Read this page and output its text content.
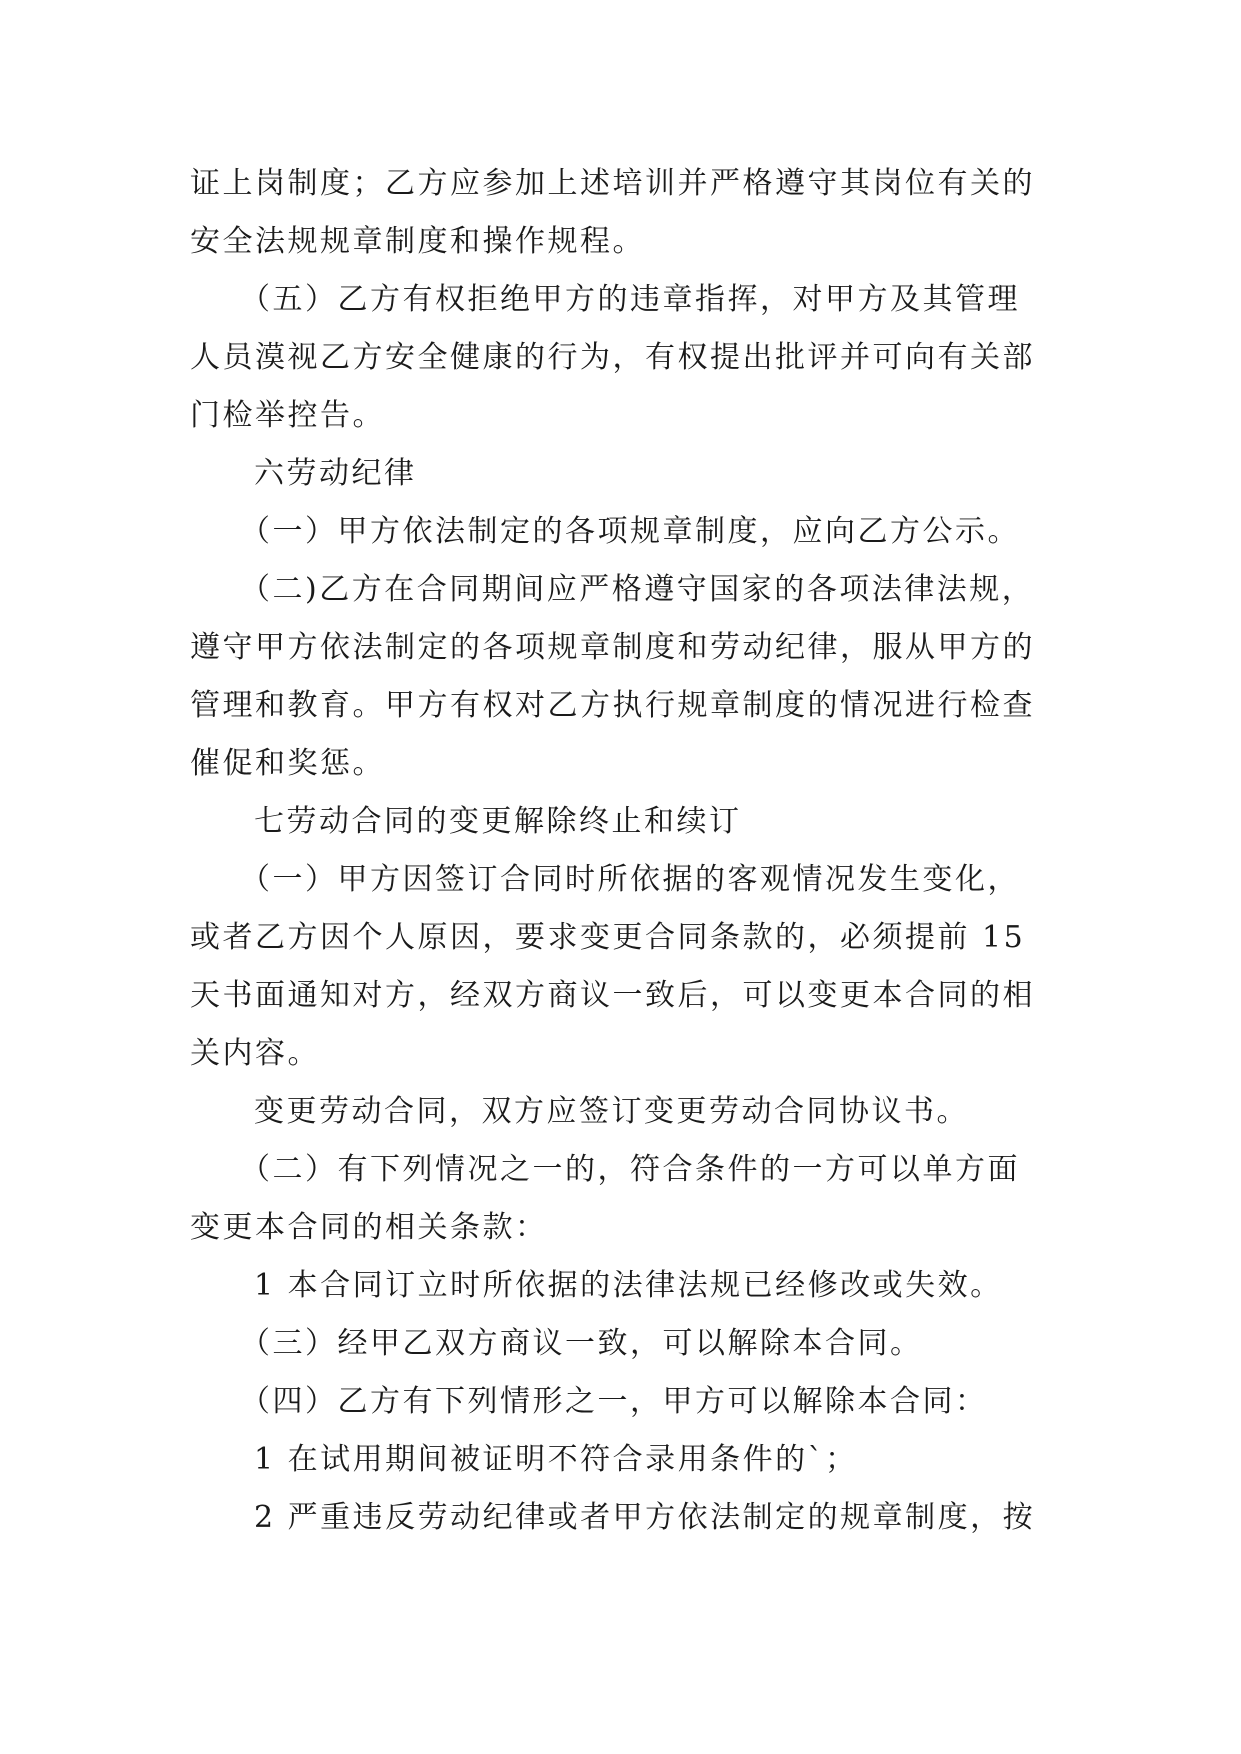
证上岗制度；乙方应参加上述培训并严格遵守其岗位有关的
安全法规规章制度和操作规程。
（五）乙方有权拒绝甲方的违章指挥，对甲方及其管理
人员漠视乙方安全健康的行为，有权提出批评并可向有关部
门检举控告。
六劳动纪律
（一）甲方依法制定的各项规章制度，应向乙方公示。
（二)乙方在合同期间应严格遵守国家的各项法律法规，
遵守甲方依法制定的各项规章制度和劳动纪律，服从甲方的
管理和教育。甲方有权对乙方执行规章制度的情况进行检查
催促和奖惩。
七劳动合同的变更解除终止和续订
（一）甲方因签订合同时所依据的客观情况发生变化，
或者乙方因个人原因，要求变更合同条款的，必须提前 15
天书面通知对方，经双方商议一致后，可以变更本合同的相
关内容。
变更劳动合同，双方应签订变更劳动合同协议书。
（二）有下列情况之一的，符合条件的一方可以单方面
变更本合同的相关条款：
1 本合同订立时所依据的法律法规已经修改或失效。
（三）经甲乙双方商议一致，可以解除本合同。
（四）乙方有下列情形之一，甲方可以解除本合同：
1 在试用期间被证明不符合录用条件的`；
2 严重违反劳动纪律或者甲方依法制定的规章制度，按
